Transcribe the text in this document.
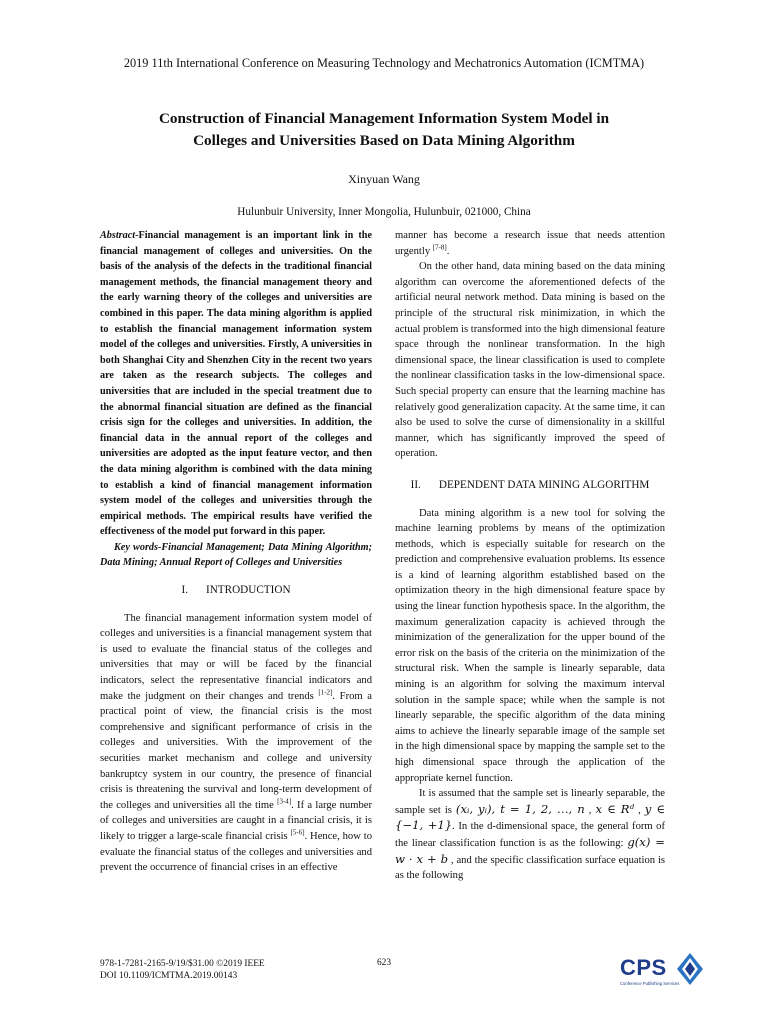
2019 11th International Conference on Measuring Technology and Mechatronics Automation (ICMTMA)
Construction of Financial Management Information System Model in
Colleges and Universities Based on Data Mining Algorithm
Xinyuan Wang
Hulunbuir University, Inner Mongolia, Hulunbuir, 021000, China

Abstract-Financial management is an important link in the financial management of colleges and universities. On the basis of the analysis of the defects in the traditional financial management methods, the financial management theory and the early warning theory of the colleges and universities are combined in this paper. The data mining algorithm is applied to establish the financial management information system model of the colleges and universities. Firstly, A universities in both Shanghai City and Shenzhen City in the recent two years are taken as the research subjects. The colleges and universities that are included in the special treatment due to the abnormal financial situation are defined as the financial crisis sign for the colleges and universities. In addition, the financial data in the annual report of the colleges and universities are adopted as the input feature vector, and then the data mining algorithm is combined with the data mining to establish a kind of financial management information system model of the colleges and universities through the empirical methods. The empirical results have verified the effectiveness of the model put forward in this paper.

Key words-Financial Management; Data Mining Algorithm; Data Mining; Annual Report of Colleges and Universities

I. INTRODUCTION

The financial management information system model of colleges and universities is a financial management system that is used to evaluate the financial status of the colleges and universities that may or will be faced by the financial indicators, select the representative financial indicators and make the judgment on their changes and trends [1-2]. From a practical point of view, the financial crisis is the most comprehensive and significant performance of crisis in the colleges and universities. With the improvement of the securities market mechanism and college and university bankruptcy system in our country, the presence of financial crisis is threatening the survival and long-term development of the colleges and universities all the time [3-4]. If a large number of colleges and universities are caught in a financial crisis, it is likely to trigger a large-scale financial crisis [5-6]. Hence, how to evaluate the financial status of the colleges and universities and prevent the occurrence of financial crises in an effective

manner has become a research issue that needs attention urgently [7-8].

On the other hand, data mining based on the data mining algorithm can overcome the aforementioned defects of the artificial neural network method. Data mining is based on the principle of the structural risk minimization, in which the actual problem is transformed into the high dimensional feature space through the nonlinear transformation. In the high dimensional space, the linear classification is used to complete the nonlinear classification tasks in the low-dimensional space. Such special property can ensure that the learning machine has relatively good generalization capacity. At the same time, it can also be used to solve the curse of dimensionality in a skillful manner, which has significantly improved the speed of operation.

II. DEPENDENT DATA MINING ALGORITHM

Data mining algorithm is a new tool for solving the machine learning problems by means of the optimization methods, which is especially suitable for research on the prediction and comprehensive evaluation problems. Its essence is a kind of learning algorithm established based on the optimization theory in the high dimensional feature space by using the linear function hypothesis space. In the algorithm, the maximum generalization capacity is achieved through the minimization of the generalization for the upper bound of the error risk on the basis of the criteria on the minimization of the structural risk. When the sample is linearly separable, data mining is an algorithm for solving the maximum interval solution in the sample space; while when the sample is not linearly separable, the specific algorithm of the data mining aims to achieve the linearly separable image of the sample set in the high dimensional space by mapping the sample set to the high dimensional space through the application of the appropriate kernel function.

It is assumed that the sample set is linearly separable, the sample set is (xᵢ, yᵢ), t = 1, 2, …, n , x ∈ Rᵈ , y ∈ {−1, +1}. In the d-dimensional space, the general form of the linear classification function is as the following: g(x) = w · x + b , and the specific classification surface equation is as the following

978-1-7281-2165-9/19/$31.00 ©2019 IEEE
DOI 10.1109/ICMTMA.2019.00143
623	CPS
Conference Publishing Services
